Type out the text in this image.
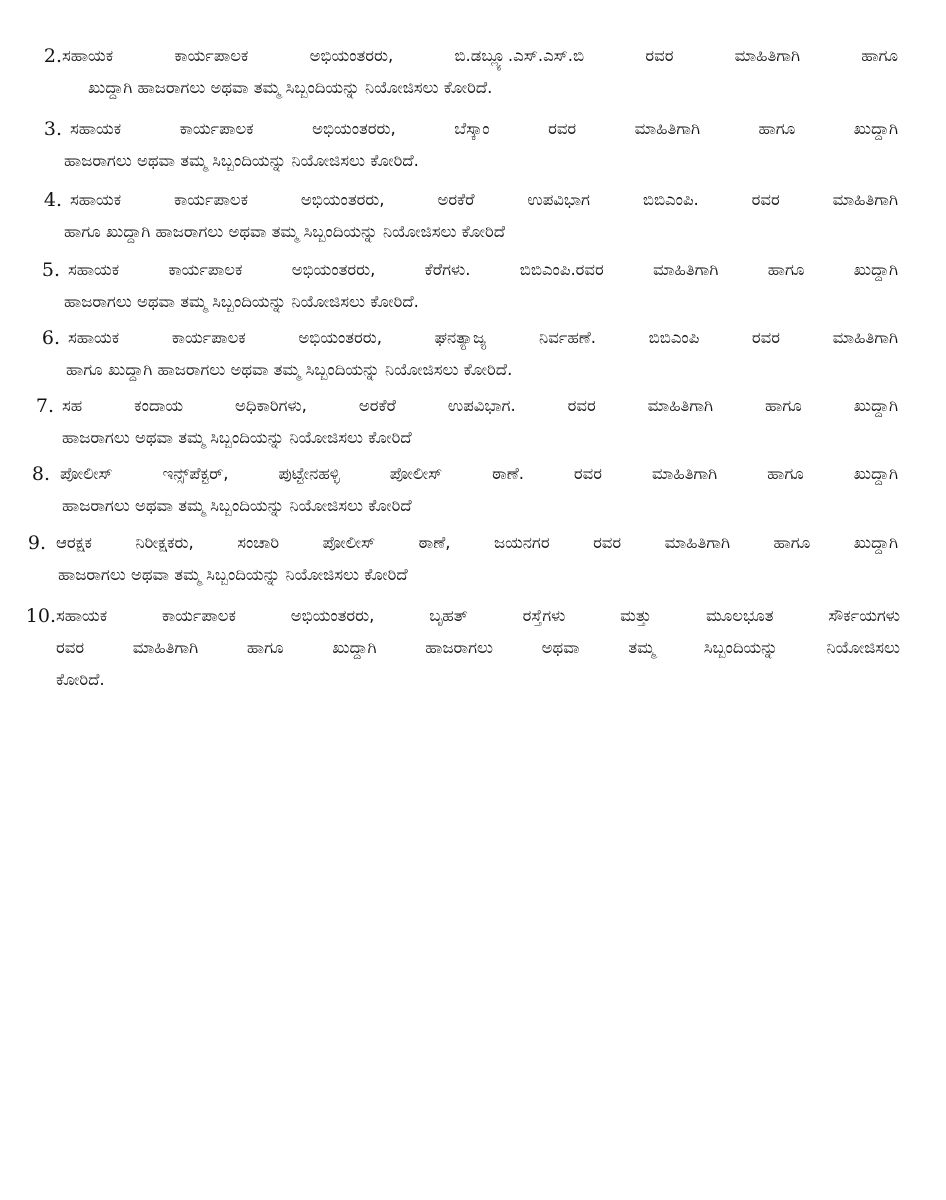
2. ಸಹಾಯಕ ಕಾರ್ಯಪಾಲಕ ಅಭಿಯಂತರರು, ಬಿ.ಡಬ್ಲ್ಯೂ.ಎಸ್.ಎಸ್.ಬಿ ರವರ ಮಾಹಿತಿಗಾಗಿ ಹಾಗೂ
ಖುದ್ದಾಗಿ ಹಾಜರಾಗಲು ಅಥವಾ ತಮ್ಮ ಸಿಬ್ಬಂದಿಯನ್ನು ನಿಯೋಜಿಸಲು ಕೋರಿದೆ.
3. ಸಹಾಯಕ ಕಾರ್ಯಪಾಲಕ ಅಭಿಯಂತರರು, ಬೆಸ್ಕಾಂ ರವರ ಮಾಹಿತಿಗಾಗಿ ಹಾಗೂ ಖುದ್ದಾಗಿ
ಹಾಜರಾಗಲು ಅಥವಾ ತಮ್ಮ ಸಿಬ್ಬಂದಿಯನ್ನು ನಿಯೋಜಿಸಲು ಕೋರಿದೆ.
4. ಸಹಾಯಕ ಕಾರ್ಯಪಾಲಕ ಅಭಿಯಂತರರು, ಅರಕೆರೆ ಉಪವಿಭಾಗ ಬಿಬಿಎಂಪಿ. ರವರ ಮಾಹಿತಿಗಾಗಿ
ಹಾಗೂ ಖುದ್ದಾಗಿ ಹಾಜರಾಗಲು ಅಥವಾ ತಮ್ಮ ಸಿಬ್ಬಂದಿಯನ್ನು ನಿಯೋಜಿಸಲು ಕೋರಿದೆ
5. ಸಹಾಯಕ ಕಾರ್ಯಪಾಲಕ ಅಭಿಯಂತರರು, ಕೆರೆಗಳು. ಬಿಬಿಎಂಪಿ.ರವರ ಮಾಹಿತಿಗಾಗಿ ಹಾಗೂ ಖುದ್ದಾಗಿ
ಹಾಜರಾಗಲು ಅಥವಾ ತಮ್ಮ ಸಿಬ್ಬಂದಿಯನ್ನು ನಿಯೋಜಿಸಲು ಕೋರಿದೆ.
6. ಸಹಾಯಕ ಕಾರ್ಯಪಾಲಕ ಅಭಿಯಂತರರು, ಘನತ್ಯಾಜ್ಯ ನಿರ್ವಹಣೆ. ಬಿಬಿಎಂಪಿ ರವರ ಮಾಹಿತಿಗಾಗಿ
ಹಾಗೂ ಖುದ್ದಾಗಿ ಹಾಜರಾಗಲು ಅಥವಾ ತಮ್ಮ ಸಿಬ್ಬಂದಿಯನ್ನು ನಿಯೋಜಿಸಲು ಕೋರಿದೆ.
7. ಸಹ ಕಂದಾಯ ಅಧಿಕಾರಿಗಳು, ಅರಕೆರೆ ಉಪವಿಭಾಗ. ರವರ ಮಾಹಿತಿಗಾಗಿ ಹಾಗೂ ಖುದ್ದಾಗಿ
ಹಾಜರಾಗಲು ಅಥವಾ ತಮ್ಮ ಸಿಬ್ಬಂದಿಯನ್ನು ನಿಯೋಜಿಸಲು ಕೋರಿದೆ
8. ಪೋಲೀಸ್ ಇನ್ಸ್‌ಪೆಕ್ಟರ್, ಪುಟ್ಟೇನಹಳ್ಳಿ ಪೋಲೀಸ್ ಠಾಣೆ. ರವರ ಮಾಹಿತಿಗಾಗಿ ಹಾಗೂ ಖುದ್ದಾಗಿ
ಹಾಜರಾಗಲು ಅಥವಾ ತಮ್ಮ ಸಿಬ್ಬಂದಿಯನ್ನು ನಿಯೋಜಿಸಲು ಕೋರಿದೆ
9. ಆರಕ್ಷಕ ನಿರೀಕ್ಷಕರು, ಸಂಚಾರಿ ಪೋಲೀಸ್ ಠಾಣೆ, ಜಯನಗರ ರವರ ಮಾಹಿತಿಗಾಗಿ ಹಾಗೂ ಖುದ್ದಾಗಿ
ಹಾಜರಾಗಲು ಅಥವಾ ತಮ್ಮ ಸಿಬ್ಬಂದಿಯನ್ನು ನಿಯೋಜಿಸಲು ಕೋರಿದೆ
10. ಸಹಾಯಕ ಕಾರ್ಯಪಾಲಕ ಅಭಿಯಂತರರು, ಬೃಹತ್ ರಸ್ತೆಗಳು ಮತ್ತು ಮೂಲಭೂತ ಸೌರ್ಕಯಗಳು
ರವರ ಮಾಹಿತಿಗಾಗಿ ಹಾಗೂ ಖುದ್ದಾಗಿ ಹಾಜರಾಗಲು ಅಥವಾ ತಮ್ಮ ಸಿಬ್ಬಂದಿಯನ್ನು ನಿಯೋಜಿಸಲು
ಕೋರಿದೆ.
